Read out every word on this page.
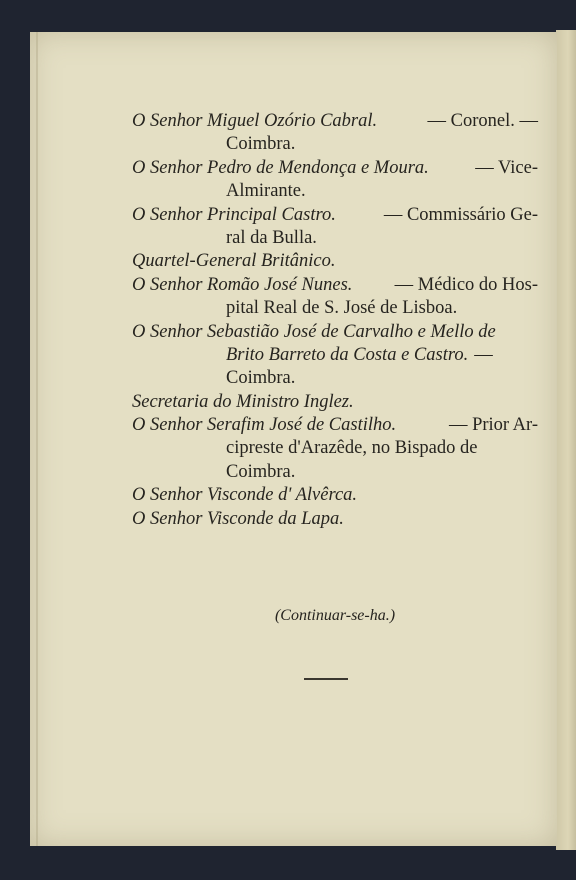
O Senhor Miguel Ozório Cabral.	— Coronel. —
Coimbra.
O Senhor Pedro de Mendonça e Moura.	— Vice-
Almirante.
O Senhor Principal Castro.	— Commissário Ge-
ral da Bulla.
Quartel-General Britânico.
O Senhor Romão José Nunes. — Médico do Hos-
pital Real de S. José de Lisboa.
O Senhor Sebastião José de Carvalho e Mello de
Brito Barreto da Costa e Castro. —
Coimbra.
Secretaria do Ministro Inglez.
O Senhor Serafim José de Castilho.	— Prior Ar-
cipreste d'Arazêde, no Bispado de
Coimbra.
O Senhor Visconde d' Alvêrca.
O Senhor Visconde da Lapa.
(Continuar-se-ha.)
